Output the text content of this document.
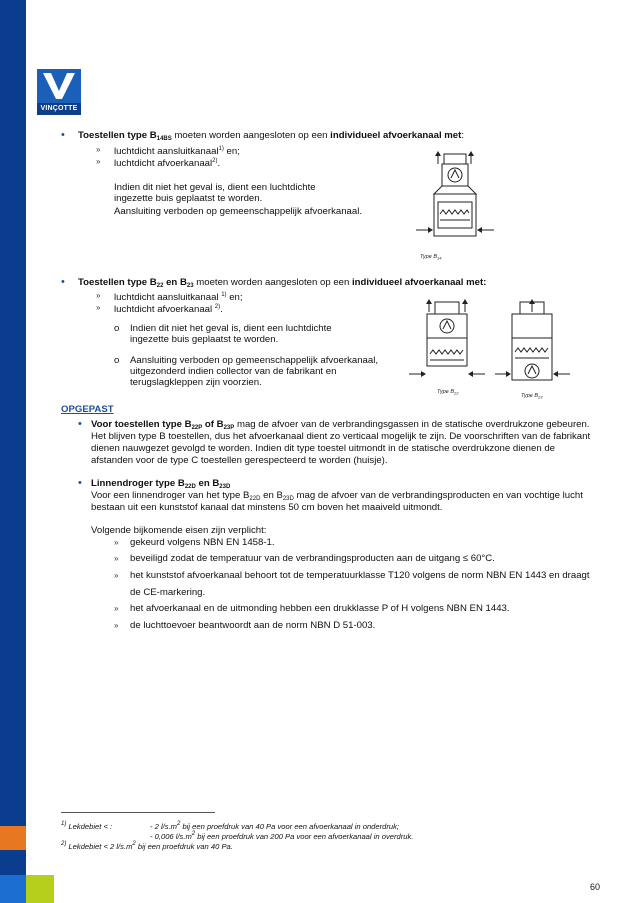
VINÇOTTE
• Toestellen type $B_{14BS}$ moeten worden aangesloten op een individueel afvoerkanaal met:
» luchtdicht aansluitkanaal$^{1)}$ en;
» luchtdicht afvoerkanaal$^{2)}$.
Indien dit niet het geval is, dient een luchtdichte
ingezette buis geplaatst te worden.
Aansluiting verboden op gemeenschappelijk afvoerkanaal.
Type $B_{14}$
• Toestellen type $B_{22}$ en $B_{23}$ moeten worden aangesloten op een individueel afvoerkanaal met:
» luchtdicht aansluitkanaal $^{1)}$ en;
» luchtdicht afvoerkanaal $^{2)}$.
o Indien dit niet het geval is, dient een luchtdichte
ingezette buis geplaatst te worden.
o Aansluiting verboden op gemeenschappelijk afvoerkanaal,
uitgezonderd indien collector van de fabrikant en
terugslagkleppen zijn voorzien.
Type $B_{22}$	Type $B_{23}$
OPGEPAST
• Voor toestellen type $B_{22P}$ of $B_{23P}$ mag de afvoer van de verbrandingsgassen in de statische overdrukzone gebeuren.
Het blijven type B toestellen, dus het afvoerkanaal dient zo verticaal mogelijk te zijn. De voorschriften van de fabrikant
dienen nauwgezet gevolgd te worden. Indien dit type toestel uitmondt in de statische overdrukzone dienen de
afstanden voor de type C toestellen gerespecteerd te worden (huisje).
• Linnendroger type $B_{22D}$ en $B_{23D}$
Voor een linnendroger van het type $B_{22D}$ en $B_{23D}$ mag de afvoer van de verbrandingsproducten en van vochtige lucht
bestaan uit een kunststof kanaal dat minstens 50 cm boven het maaiveld uitmondt.
Volgende bijkomende eisen zijn verplicht:
» gekeurd volgens NBN EN 1458-1.
» beveiligd zodat de temperatuur van de verbrandingsproducten aan de uitgang ≤ 60°C.
» het kunststof afvoerkanaal behoort tot de temperatuurklasse T120 volgens de norm NBN EN 1443 en draagt
de CE-markering.
» het afvoerkanaal en de uitmonding hebben een drukklasse P of H volgens NBN EN 1443.
» de luchttoevoer beantwoordt aan de norm NBN D 51-003.
$^{1)}$ Lekdebiet < :	- 2 $l/s.m^2$ bij een proefdruk van 40 Pa voor een afvoerkanaal in onderdruk;
- 0,006 $l/s.m^2$ bij een proefdruk van 200 Pa voor een afvoerkanaal in overdruk.
$^{2)}$ Lekdebiet < 2 $l/s.m^2$ bij een proefdruk van 40 Pa.
60
